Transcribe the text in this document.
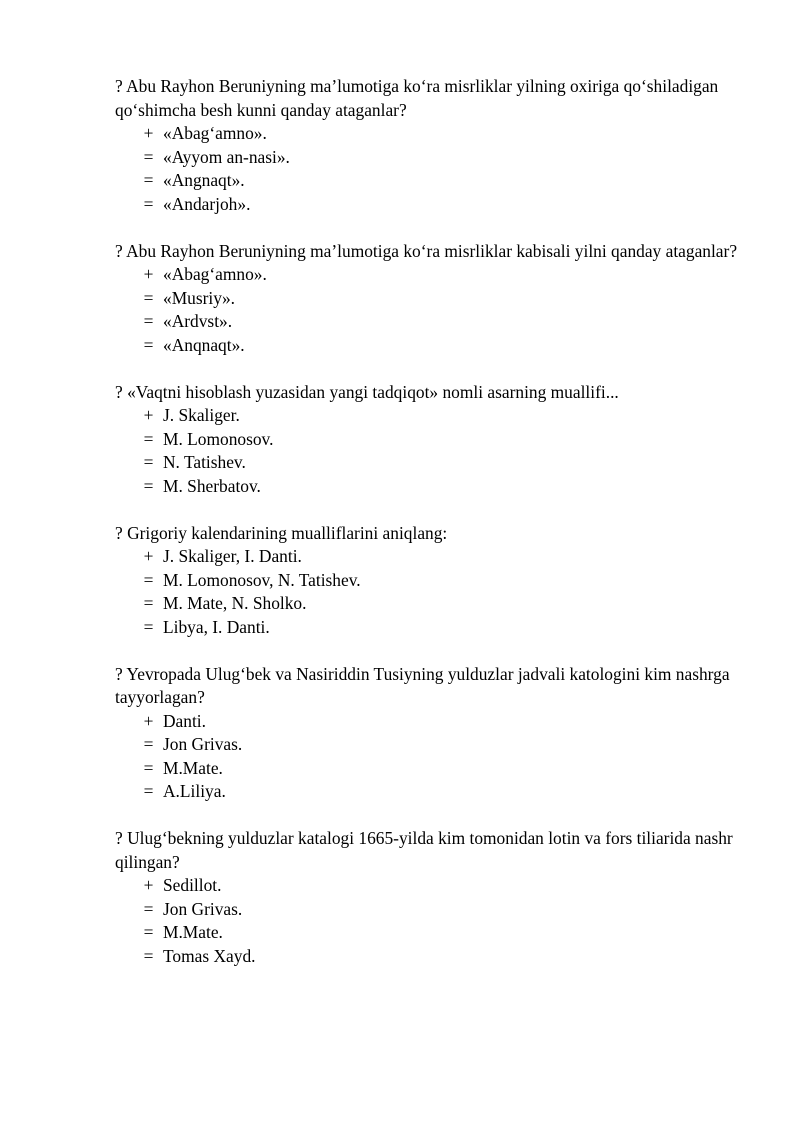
? Abu Rayhon Beruniyning ma’lumotiga ko‘ra misrliklar yilning oxiriga qo‘shiladigan qo‘shimcha besh kunni qanday ataganlar?

+ «Abag‘amno».
= «Ayyom an-nasi».
= «Angnaqt».
= «Andarjoh».

? Abu Rayhon Beruniyning ma’lumotiga ko‘ra misrliklar kabisali yilni qanday ataganlar?

+ «Abag‘amno».
= «Musriy».
= «Ardvst».
= «Anqnaqt».

? «Vaqtni hisoblash yuzasidan yangi tadqiqot» nomli asarning muallifi...

+ J. Skaliger.
= M. Lomonosov.
= N. Tatishev.
= M. Sherbatov.

? Grigoriy kalendarining mualliflarini aniqlang:

+ J. Skaliger, I. Danti.
= M. Lomonosov, N. Tatishev.
= M. Mate, N. Sholko.
= Libya, I. Danti.

? Yevropada Ulug‘bek va Nasiriddin Tusiyning yulduzlar jadvali katologini kim nashrga tayyorlagan?

+ Danti.
= Jon Grivas.
= M.Mate.
= A.Liliya.

? Ulug‘bekning yulduzlar katalogi 1665-yilda kim tomonidan lotin va fors tiliarida nashr qilingan?

+ Sedillot.
= Jon Grivas.
= M.Mate.
= Tomas Xayd.
